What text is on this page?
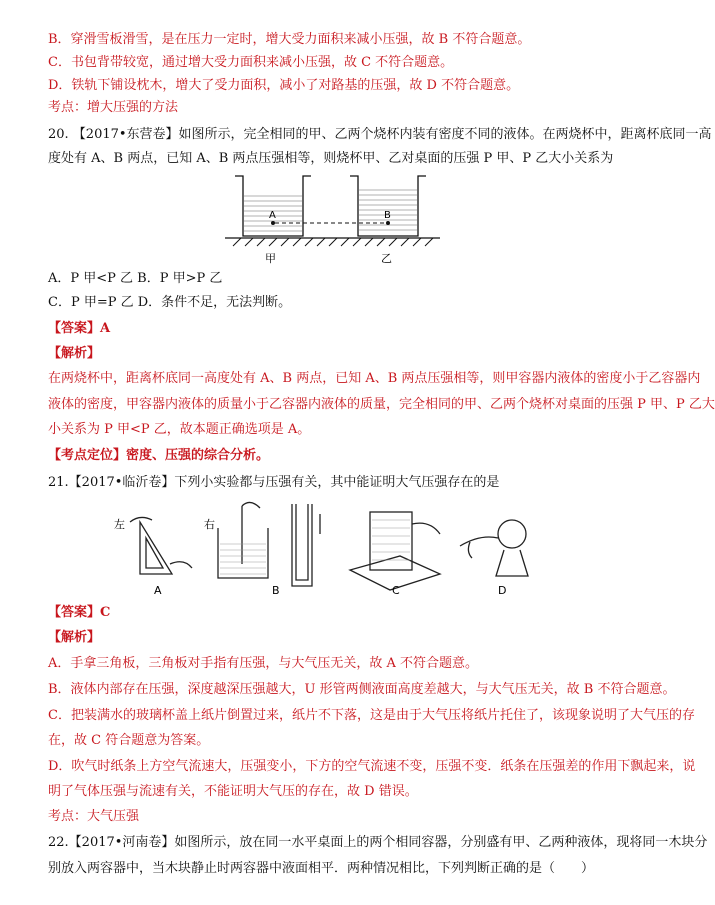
B．穿滑雪板滑雪，是在压力一定时，增大受力面积来减小压强，故 B 不符合题意。
C．书包背带较宽，通过增大受力面积来减小压强，故 C 不符合题意。
D．铁轨下铺设枕木，增大了受力面积，减小了对路基的压强，故 D 不符合题意。
考点：增大压强的方法
20. 【2017•东营卷】如图所示，完全相同的甲、乙两个烧杯内装有密度不同的液体。在两烧杯中，距离杯底同一高
度处有 A、B 两点，已知 A、B 两点压强相等，则烧杯甲、乙对桌面的压强 P 甲、P 乙大小关系为
A	B
甲	乙
A．P 甲<P 乙 B．P 甲>P 乙
C．P 甲=P 乙 D．条件不足，无法判断。
【答案】A
【解析】
在两烧杯中，距离杯底同一高度处有 A、B 两点，已知 A、B 两点压强相等，则甲容器内液体的密度小于乙容器内
液体的密度，甲容器内液体的质量小于乙容器内液体的质量，完全相同的甲、乙两个烧杯对桌面的压强 P 甲、P 乙大
小关系为 P 甲<P 乙，故本题正确选项是 A。
【考点定位】密度、压强的综合分析。
21.【2017•临沂卷】下列小实验都与压强有关，其中能证明大气压强存在的是
左	右
A	B	C	D
【答案】C
【解析】
A．手拿三角板，三角板对手指有压强，与大气压无关，故 A 不符合题意。
B．液体内部存在压强，深度越深压强越大，U 形管两侧液面高度差越大，与大气压无关，故 B 不符合题意。
C．把装满水的玻璃杯盖上纸片倒置过来，纸片不下落，这是由于大气压将纸片托住了，该现象说明了大气压的存
在，故 C 符合题意为答案。
D．吹气时纸条上方空气流速大，压强变小，下方的空气流速不变，压强不变．纸条在压强差的作用下飘起来，说
明了气体压强与流速有关，不能证明大气压的存在，故 D 错误。
考点：大气压强
22.【2017•河南卷】如图所示，放在同一水平桌面上的两个相同容器，分别盛有甲、乙两种液体，现将同一木块分
别放入两容器中，当木块静止时两容器中液面相平．两种情况相比，下列判断正确的是（　　）
